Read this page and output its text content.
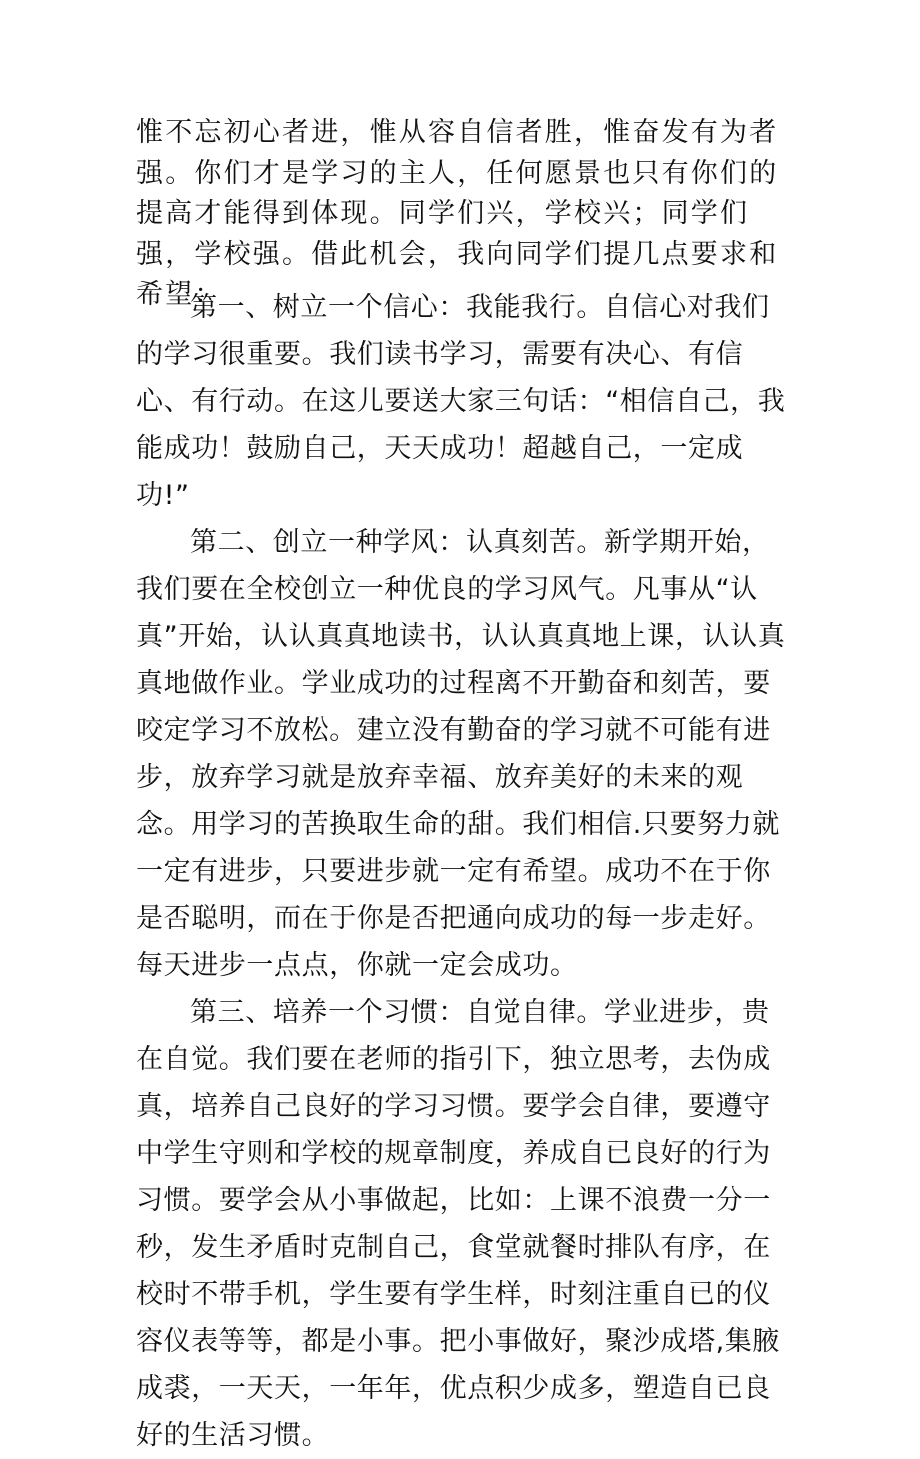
惟不忘初心者进，惟从容自信者胜，惟奋发有为者强。你们才是学习的主人，任何愿景也只有你们的提高才能得到体现。同学们兴，学校兴；同学们强，学校强。借此机会，我向同学们提几点要求和希望：

第一、树立一个信心：我能我行。自信心对我们的学习很重要。我们读书学习，需要有决心、有信心、有行动。在这儿要送大家三句话：“相信自己，我能成功！鼓励自己，天天成功！超越自己，一定成功!”

第二、创立一种学风：认真刻苦。新学期开始，我们要在全校创立一种优良的学习风气。凡事从“认真”开始，认认真真地读书，认认真真地上课，认认真真地做作业。学业成功的过程离不开勤奋和刻苦，要咬定学习不放松。建立没有勤奋的学习就不可能有进步，放弃学习就是放弃幸福、放弃美好的未来的观念。用学习的苦换取生命的甜。我们相信.只要努力就一定有进步，只要进步就一定有希望。成功不在于你是否聪明，而在于你是否把通向成功的每一步走好。每天进步一点点，你就一定会成功。

第三、培养一个习惯：自觉自律。学业进步，贵在自觉。我们要在老师的指引下，独立思考，去伪成真，培养自己良好的学习习惯。要学会自律，要遵守中学生守则和学校的规章制度，养成自已良好的行为习惯。要学会从小事做起，比如：上课不浪费一分一秒，发生矛盾时克制自己，食堂就餐时排队有序，在校时不带手机，学生要有学生样，时刻注重自已的仪容仪表等等，都是小事。把小事做好，聚沙成塔,集腋成裘，一天天，一年年，优点积少成多，塑造自已良好的生活习惯。
